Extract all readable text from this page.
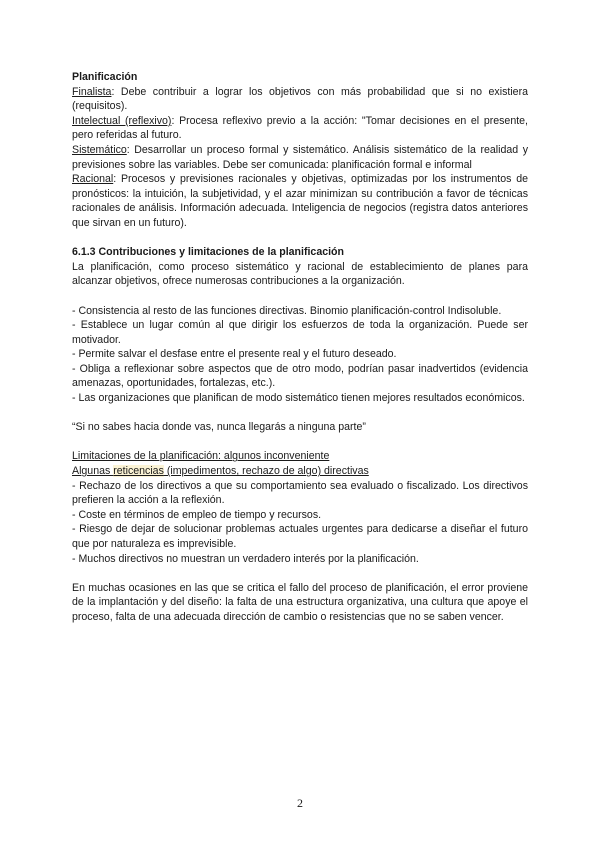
Planificación

Finalista: Debe contribuir a lograr los objetivos con más probabilidad que si no existiera (requisitos).

Intelectual (reflexivo): Procesa reflexivo previo a la acción: "Tomar decisiones en el presente, pero referidas al futuro.

Sistemático: Desarrollar un proceso formal y sistemático. Análisis sistemático de la realidad y previsiones sobre las variables. Debe ser comunicada: planificación formal e informal

Racional: Procesos y previsiones racionales y objetivas, optimizadas por los instrumentos de pronósticos: la intuición, la subjetividad, y el azar minimizan su contribución a favor de técnicas racionales de análisis. Información adecuada. Inteligencia de negocios (registra datos anteriores que sirvan en un futuro).

6.1.3 Contribuciones y limitaciones de la planificación

La planificación, como proceso sistemático y racional de establecimiento de planes para alcanzar objetivos, ofrece numerosas contribuciones a la organización.

- Consistencia al resto de las funciones directivas. Binomio planificación-control Indisoluble.

- Establece un lugar común al que dirigir los esfuerzos de toda la organización. Puede ser motivador.

- Permite salvar el desfase entre el presente real y el futuro deseado.

- Obliga a reflexionar sobre aspectos que de otro modo, podrían pasar inadvertidos (evidencia amenazas, oportunidades, fortalezas, etc.).

- Las organizaciones que planifican de modo sistemático tienen mejores resultados económicos.

“Si no sabes hacia donde vas, nunca llegarás a ninguna parte”

Limitaciones de la planificación: algunos inconveniente

Algunas reticencias (impedimentos, rechazo de algo) directivas

- Rechazo de los directivos a que su comportamiento sea evaluado o fiscalizado. Los directivos prefieren la acción a la reflexión.

- Coste en términos de empleo de tiempo y recursos.

- Riesgo de dejar de solucionar problemas actuales urgentes para dedicarse a diseñar el futuro que por naturaleza es imprevisible.

- Muchos directivos no muestran un verdadero interés por la planificación.

En muchas ocasiones en las que se critica el fallo del proceso de planificación, el error proviene de la implantación y del diseño: la falta de una estructura organizativa, una cultura que apoye el proceso, falta de una adecuada dirección de cambio o resistencias que no se saben vencer.

2
